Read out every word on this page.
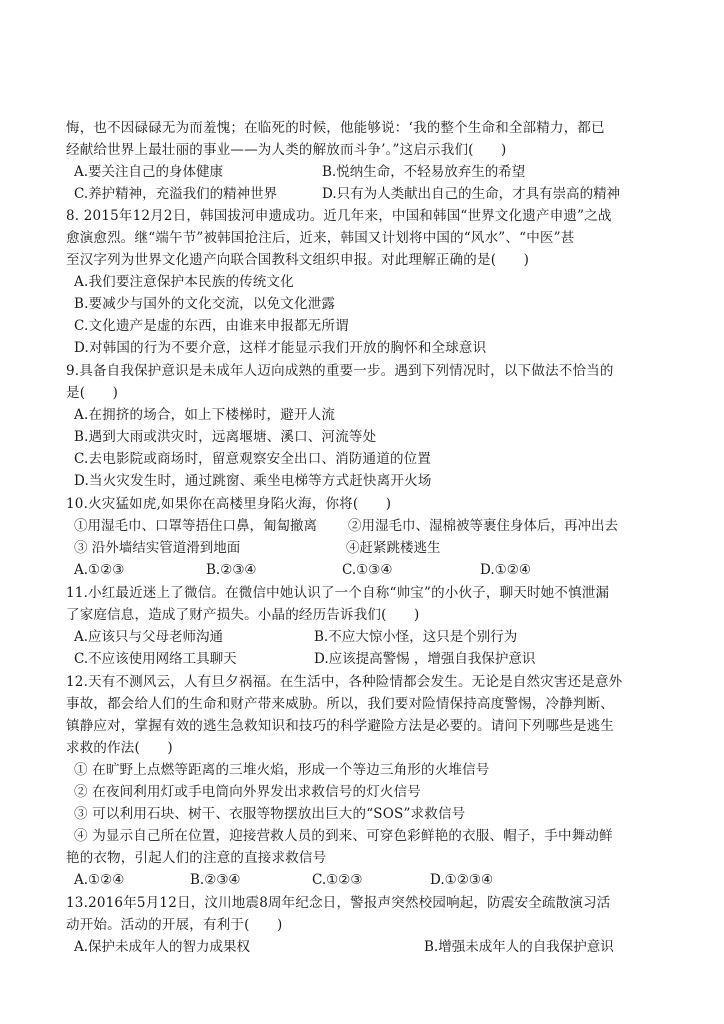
悔，也不因碌碌无为而羞愧；在临死的时候，他能够说：‘我的整个生命和全部精力，都已
经献给世界上最壮丽的事业——为人类的解放而斗争’。”这启示我们(　　)
A.要关注自己的身体健康	B.悦纳生命，不轻易放弃生的希望
C.养护精神，充溢我们的精神世界	D.只有为人类献出自己的生命，才具有崇高的精神
8. 2015年12月2日，韩国拔河申遗成功。近几年来，中国和韩国“世界文化遗产申遗”之战
愈演愈烈。继“端午节”被韩国抢注后，近来，韩国又计划将中国的“风水”、“中医”甚
至汉字列为世界文化遗产向联合国教科文组织申报。对此理解正确的是(　　)
A.我们要注意保护本民族的传统文化
B.要减少与国外的文化交流，以免文化泄露
C.文化遗产是虚的东西，由谁来申报都无所谓
D.对韩国的行为不要介意，这样才能显示我们开放的胸怀和全球意识
9.具备自我保护意识是未成年人迈向成熟的重要一步。遇到下列情况时，以下做法不恰当的
是(　　)
A.在拥挤的场合，如上下楼梯时，避开人流
B.遇到大雨或洪灾时，远离堰塘、溪口、河流等处
C.去电影院或商场时，留意观察安全出口、消防通道的位置
D.当火灾发生时，通过跳窗、乘坐电梯等方式赶快离开火场
10.火灾猛如虎,如果你在高楼里身陷火海，你将(　　)
①用湿毛巾、口罩等捂住口鼻，匍匐撤离 ②用湿毛巾、湿棉被等裹住身体后，再冲出去
③ 沿外墙结实管道滑到地面	④赶紧跳楼逃生
A.①②③	B.②③④	C.①③④	D.①②④
11.小红最近迷上了微信。在微信中她认识了一个自称“帅宝”的小伙子，聊天时她不慎泄漏
了家庭信息，造成了财产损失。小晶的经历告诉我们(　　)
A.应该只与父母老师沟通	B.不应大惊小怪，这只是个别行为
C.不应该使用网络工具聊天	D.应该提高警惕 ，增强自我保护意识
12.天有不测风云，人有旦夕祸福。在生活中，各种险情都会发生。无论是自然灾害还是意外
事故，都会给人们的生命和财产带来威胁。所以，我们要对险情保持高度警惕，冷静判断、
镇静应对，掌握有效的逃生急救知识和技巧的科学避险方法是必要的。请问下列哪些是逃生
求救的作法(　　)
① 在旷野上点燃等距离的三堆火焰，形成一个等边三角形的火堆信号
② 在夜间利用灯或手电筒向外界发出求救信号的灯火信号
③ 可以利用石块、树干、衣服等物摆放出巨大的“SOS”求救信号
④ 为显示自己所在位置，迎接营救人员的到来、可穿色彩鲜艳的衣服、帽子，手中舞动鲜
艳的衣物，引起人们的注意的直接求救信号
A.①②④	B.②③④	C.①②③	D.①②③④
13.2016年5月12日，汶川地震8周年纪念日，警报声突然校园响起，防震安全疏散演习活
动开始。活动的开展，有利于(　　)
A.保护未成年人的智力成果权	B.增强未成年人的自我保护意识
